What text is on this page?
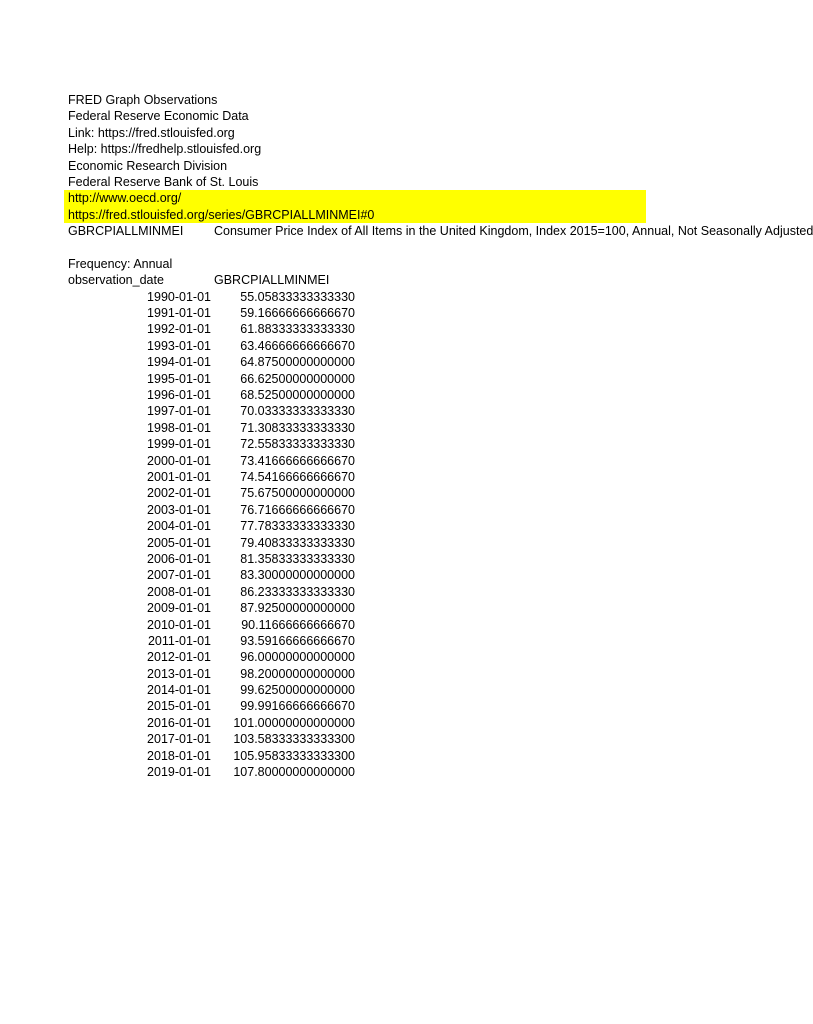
FRED Graph Observations
Federal Reserve Economic Data
Link: https://fred.stlouisfed.org
Help: https://fredhelp.stlouisfed.org
Economic Research Division
Federal Reserve Bank of St. Louis
http://www.oecd.org/
https://fred.stlouisfed.org/series/GBRCPIALLMINMEI#0
GBRCPIALLMINMEI Consumer Price Index of All Items in the United Kingdom, Index 2015=100, Annual, Not Seasonally Adjusted
Frequency: Annual
observation_date	GBRCPIALLMINMEI
1990-01-01	55.05833333333330
1991-01-01	59.16666666666670
1992-01-01	61.88333333333330
1993-01-01	63.46666666666670
1994-01-01	64.87500000000000
1995-01-01	66.62500000000000
1996-01-01	68.52500000000000
1997-01-01	70.03333333333330
1998-01-01	71.30833333333330
1999-01-01	72.55833333333330
2000-01-01	73.41666666666670
2001-01-01	74.54166666666670
2002-01-01	75.67500000000000
2003-01-01	76.71666666666670
2004-01-01	77.78333333333330
2005-01-01	79.40833333333330
2006-01-01	81.35833333333330
2007-01-01	83.30000000000000
2008-01-01	86.23333333333330
2009-01-01	87.92500000000000
2010-01-01	90.11666666666670
2011-01-01	93.59166666666670
2012-01-01	96.00000000000000
2013-01-01	98.20000000000000
2014-01-01	99.62500000000000
2015-01-01	99.99166666666670
2016-01-01	101.00000000000000
2017-01-01	103.58333333333300
2018-01-01	105.95833333333300
2019-01-01	107.80000000000000
